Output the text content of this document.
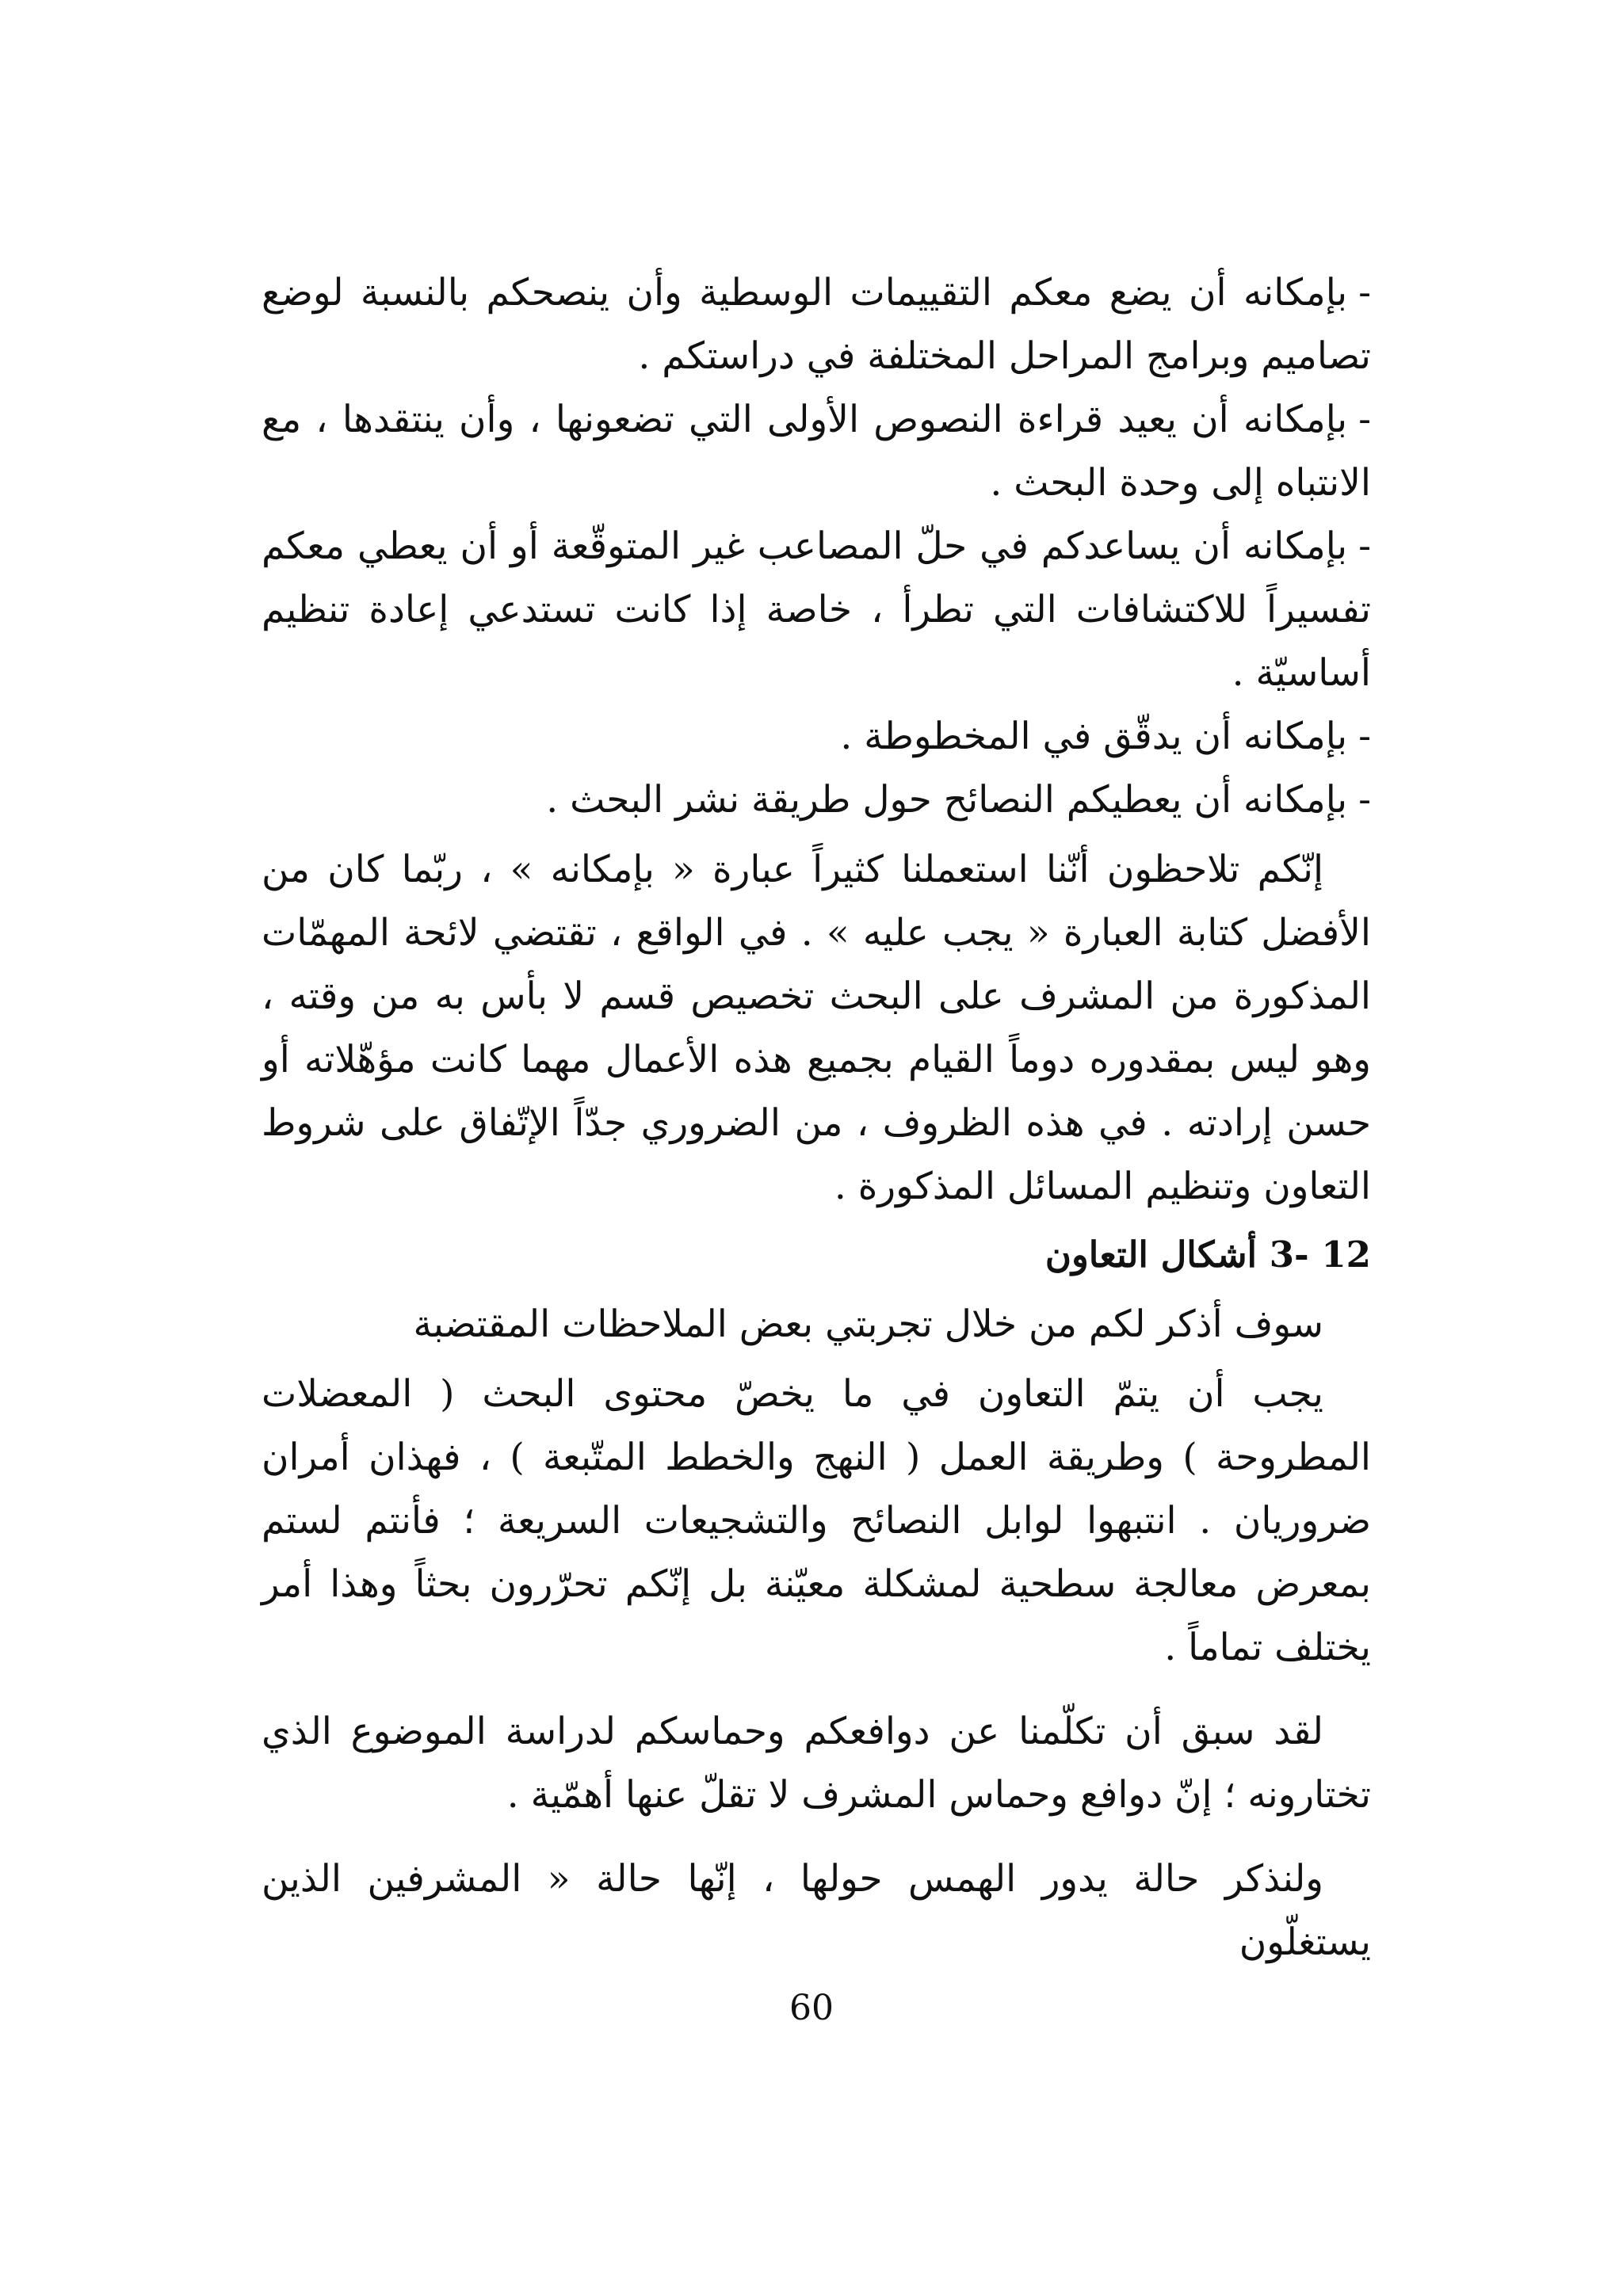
-بإمكانه أن يضع معكم التقييمات الوسطية وأن ينصحكم بالنسبة لوضع تصاميم وبرامج المراحل المختلفة في دراستكم .
-بإمكانه أن يعيد قراءة النصوص الأولى التي تضعونها ، وأن ينتقدها ، مع الانتباه إلى وحدة البحث .
-بإمكانه أن يساعدكم في حلّ المصاعب غير المتوقّعة أو أن يعطي معكم تفسيراً للاكتشافات التي تطرأ ، خاصة إذا كانت تستدعي إعادة تنظيم أساسيّة .
-بإمكانه أن يدقّق في المخطوطة .
-بإمكانه أن يعطيكم النصائح حول طريقة نشر البحث .

إنّكم تلاحظون أنّنا استعملنا كثيراً عبارة « بإمكانه » ، ربّما كان من الأفضل كتابة العبارة « يجب عليه » . في الواقع ، تقتضي لائحة المهمّات المذكورة من المشرف على البحث تخصيص قسم لا بأس به من وقته ، وهو ليس بمقدوره دوماً القيام بجميع هذه الأعمال مهما كانت مؤهّلاته أو حسن إرادته . في هذه الظروف ، من الضروري جدّاً الإتّفاق على شروط التعاون وتنظيم المسائل المذكورة .

12 -3 أشكال التعاون

سوف أذكر لكم من خلال تجربتي بعض الملاحظات المقتضبة

يجب أن يتمّ التعاون في ما يخصّ محتوى البحث ( المعضلات المطروحة ) وطريقة العمل ( النهج والخطط المتّبعة ) ، فهذان أمران ضروريان . انتبهوا لوابل النصائح والتشجيعات السريعة ؛ فأنتم لستم بمعرض معالجة سطحية لمشكلة معيّنة بل إنّكم تحرّرون بحثاً وهذا أمر يختلف تماماً .

لقد سبق أن تكلّمنا عن دوافعكم وحماسكم لدراسة الموضوع الذي تختارونه ؛ إنّ دوافع وحماس المشرف لا تقلّ عنها أهمّية .

ولنذكر حالة يدور الهمس حولها ، إنّها حالة « المشرفين الذين يستغلّون

60
